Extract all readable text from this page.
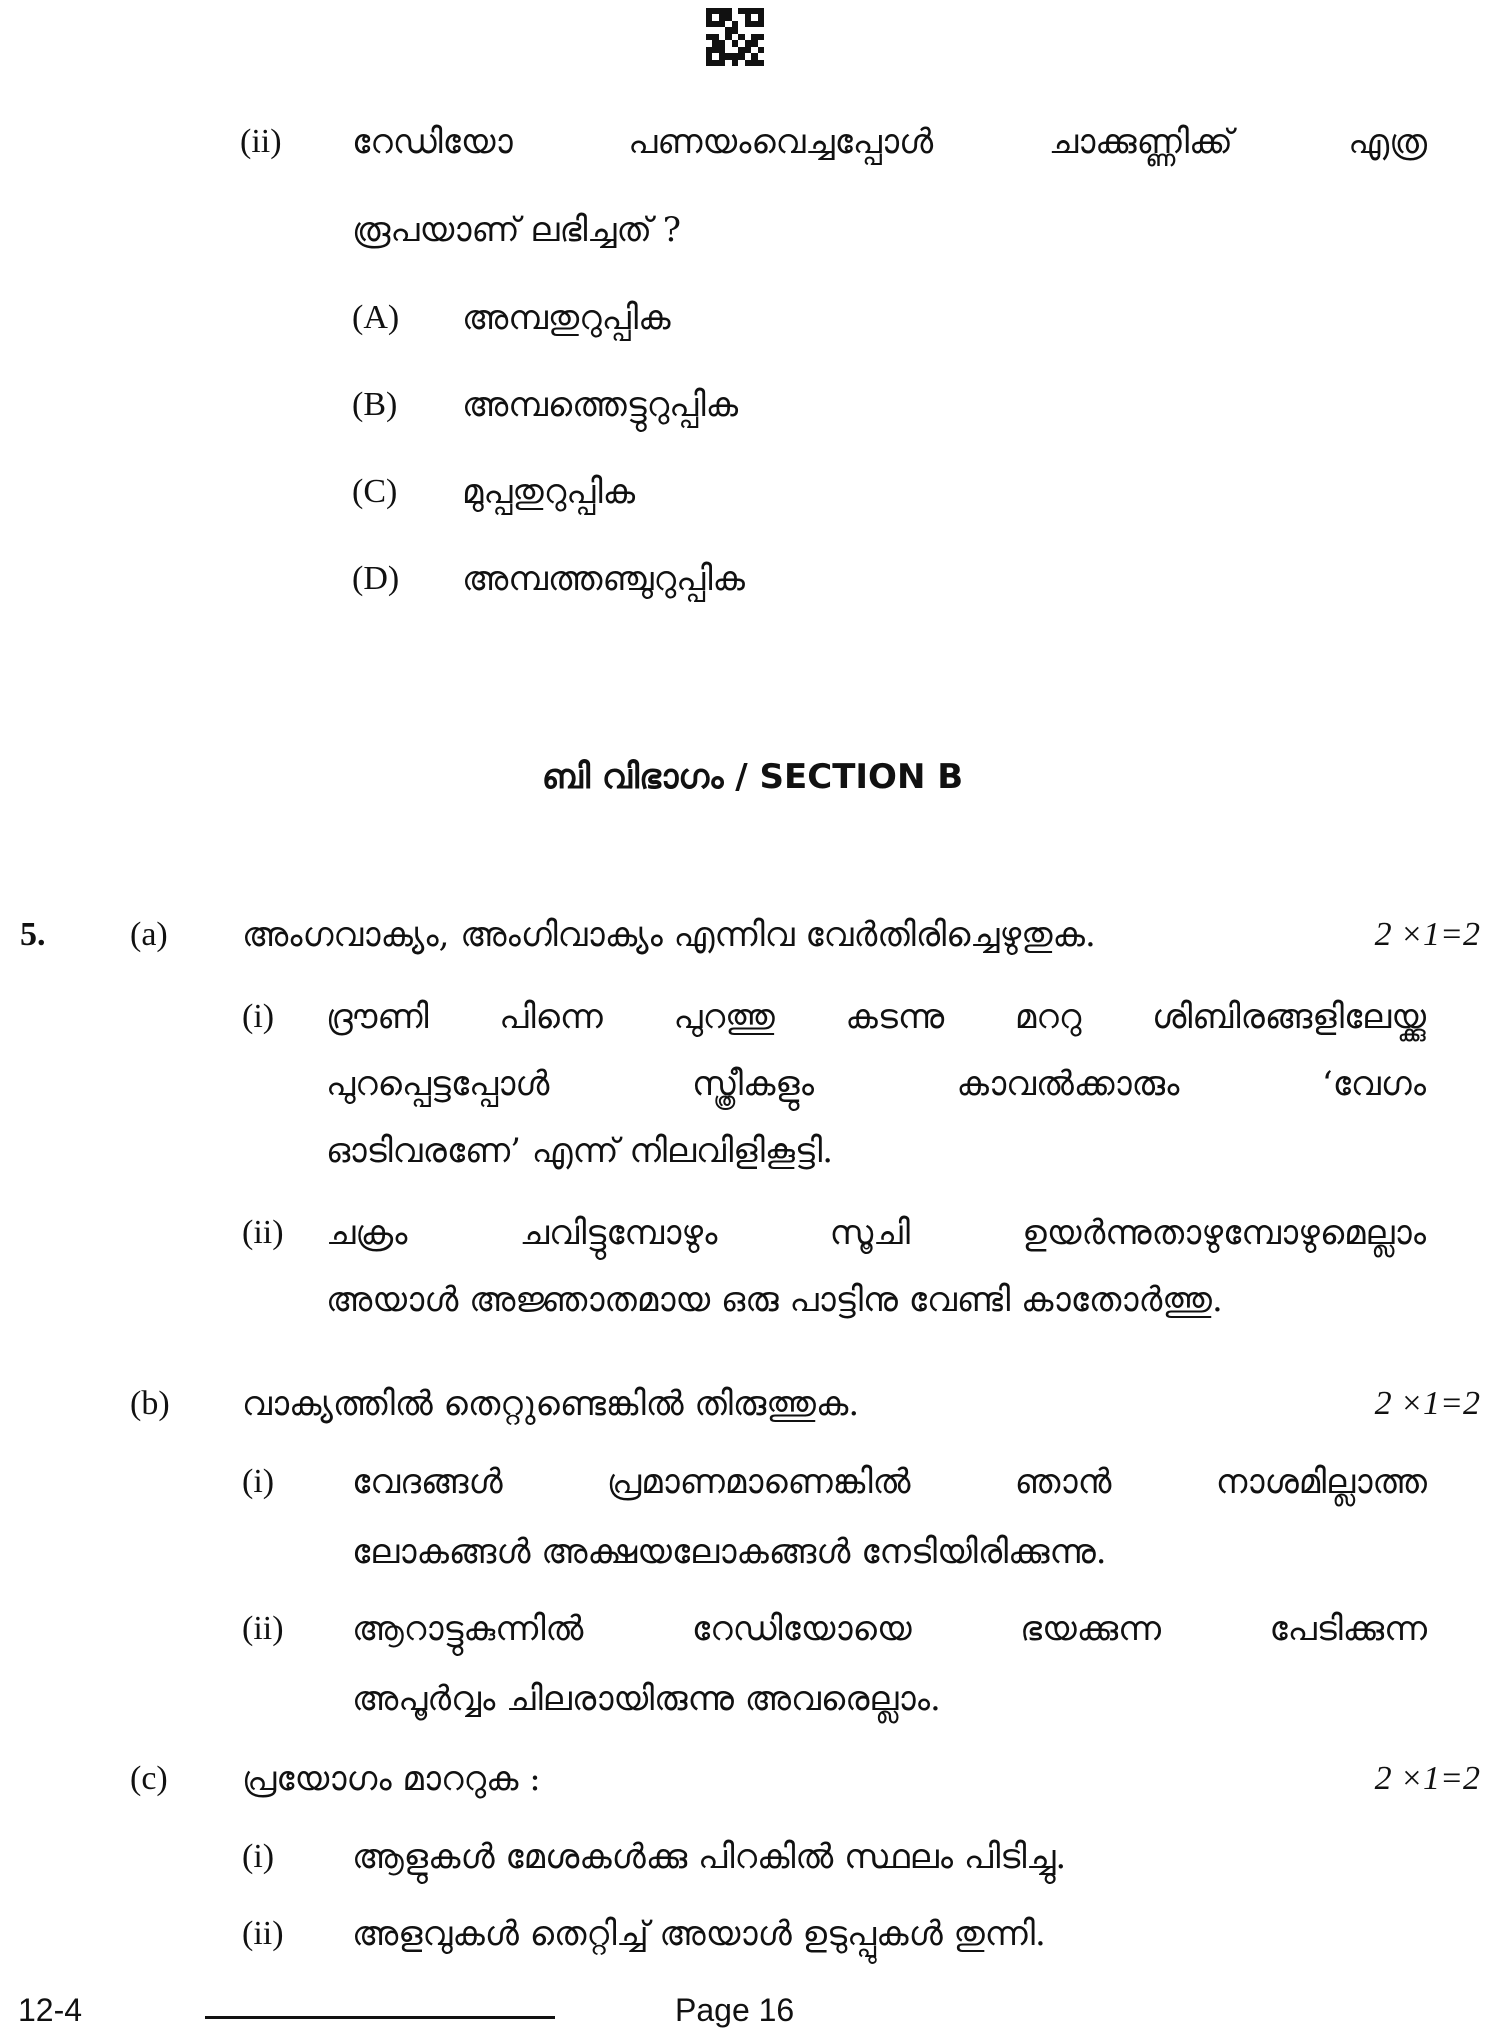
(ii) റേഡിയോ	പണയംവെച്ചപ്പോൾ	ചാക്കുണ്ണിക്ക്	എത്ര
രൂപയാണ് ലഭിച്ചത് ?
(A) അമ്പതുറുപ്പിക
(B) അമ്പത്തെട്ടുറുപ്പിക
(C) മുപ്പതുറുപ്പിക
(D) അമ്പത്തഞ്ചുറുപ്പിക
ബി വിഭാഗം / SECTION B
5. (a) അംഗവാക്യം, അംഗിവാക്യം എന്നിവ വേർതിരിച്ചെഴുതുക.	2 ×1=2
(i) ദ്രൗണി പിന്നെ പുറത്തു കടന്നു മററു ശിബിരങ്ങളിലേയ്ക്കു
പുറപ്പെട്ടപ്പോൾ	സ്ത്രീകളും	കാവൽക്കാരും	‘വേഗം
ഓടിവരണേ’ എന്ന് നിലവിളികൂട്ടി.
(ii) ചക്രം	ചവിട്ടുമ്പോഴും	സൂചി	ഉയർന്നുതാഴുമ്പോഴുമെല്ലാം
അയാൾ അജ്ഞാതമായ ഒരു പാട്ടിനു വേണ്ടി കാതോർത്തു.
(b) വാക്യത്തിൽ തെറ്റുണ്ടെങ്കിൽ തിരുത്തുക.	2 ×1=2
(i) വേദങ്ങൾ	പ്രമാണമാണെങ്കിൽ	ഞാൻ	നാശമില്ലാത്ത
ലോകങ്ങൾ അക്ഷയലോകങ്ങൾ നേടിയിരിക്കുന്നു.
(ii) ആറാട്ടുകുന്നിൽ	റേഡിയോയെ	ഭയക്കുന്ന	പേടിക്കുന്ന
അപൂർവ്വം ചിലരായിരുന്നു അവരെല്ലാം.
(c) പ്രയോഗം മാററുക :	2 ×1=2
(i) ആളുകൾ മേശകൾക്കു പിറകിൽ സ്ഥലം പിടിച്ചു.
(ii) അളവുകൾ തെറ്റിച്ച് അയാൾ ഉടുപ്പുകൾ തുന്നി.
12-4	Page 16
